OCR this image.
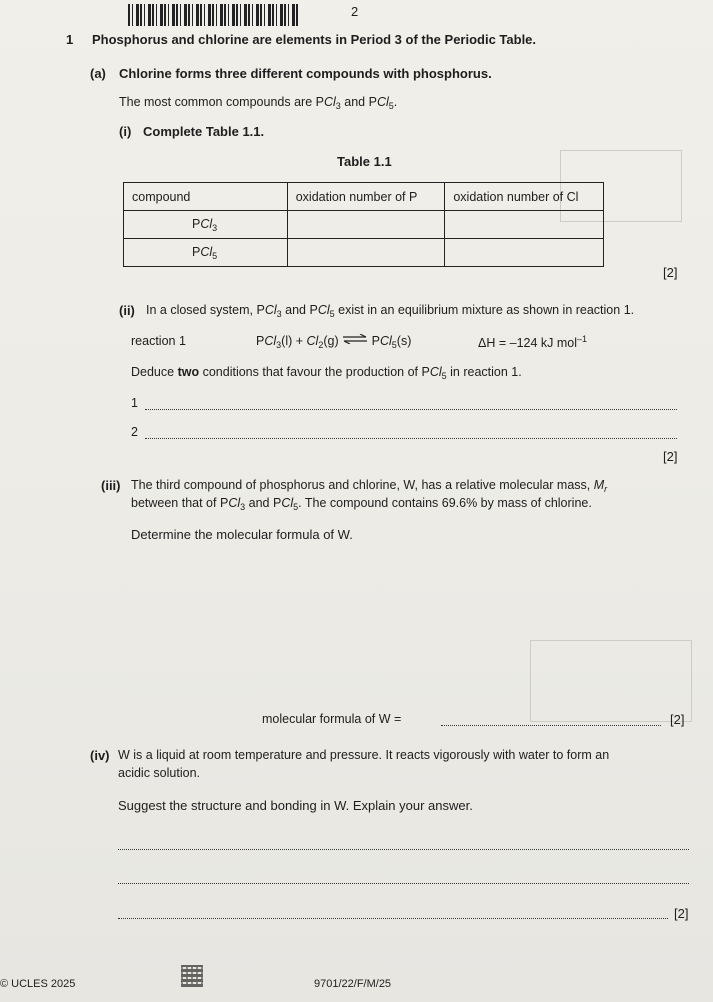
2
1 Phosphorus and chlorine are elements in Period 3 of the Periodic Table.
(a) Chlorine forms three different compounds with phosphorus.
The most common compounds are PCl$_3$ and PCl$_5$.
(i) Complete Table 1.1.
Table 1.1
compound	oxidation number of P	oxidation number of Cl
PCl$_3$		
PCl$_5$		
[2]
(ii) In a closed system, PCl$_3$ and PCl$_5$ exist in an equilibrium mixture as shown in reaction 1.
reaction 1	$PCl_3(l) + Cl_2(g)$ ⇌ PCl$_5$(s)	ΔH = –124 kJ mol$^{-1}$
Deduce two conditions that favour the production of PCl$_5$ in reaction 1.
1
2
[2]
(iii) The third compound of phosphorus and chlorine, W, has a relative molecular mass, $M_r$
between that of PCl$_3$ and PCl$_5$. The compound contains 69.6% by mass of chlorine.
Determine the molecular formula of W.
molecular formula of W =	[2]
(iv) W is a liquid at room temperature and pressure. It reacts vigorously with water to form an
acidic solution.
Suggest the structure and bonding in W. Explain your answer.
[2]
© UCLES 2025	9701/22/F/M/25
